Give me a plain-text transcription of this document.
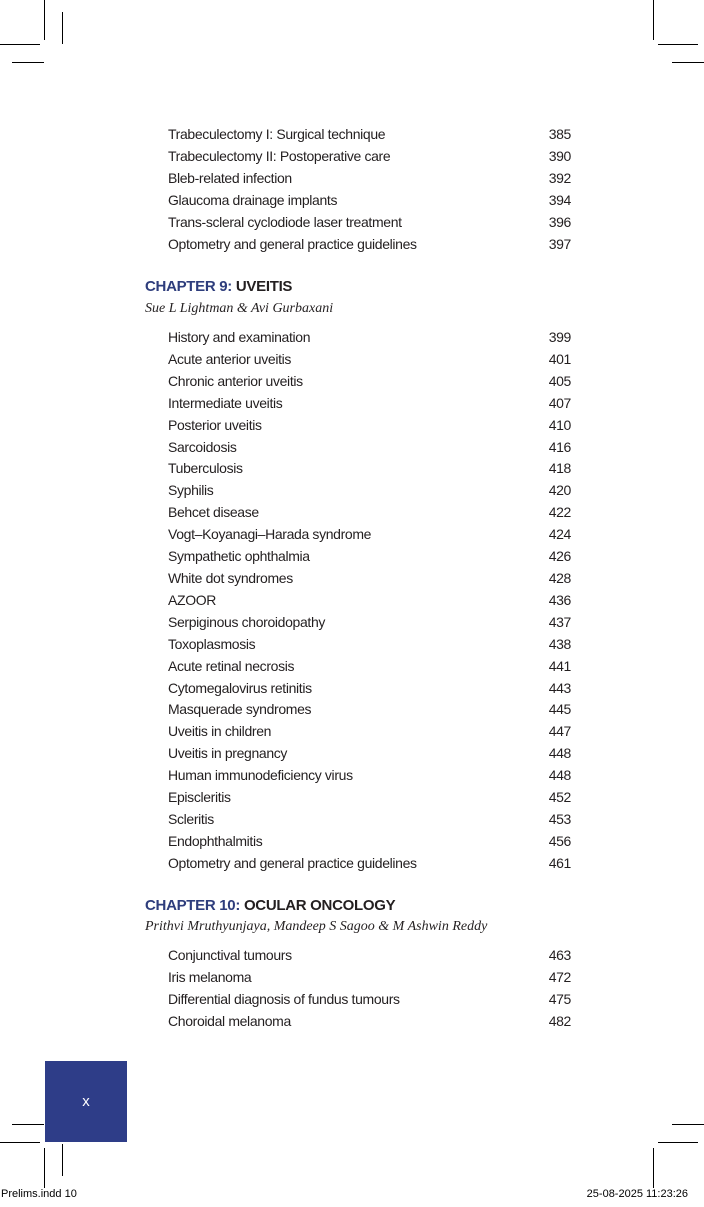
Trabeculectomy I: Surgical technique	385
Trabeculectomy II: Postoperative care	390
Bleb-related infection	392
Glaucoma drainage implants	394
Trans-scleral cyclodiode laser treatment	396
Optometry and general practice guidelines	397
CHAPTER 9: UVEITIS
Sue L Lightman & Avi Gurbaxani
History and examination	399
Acute anterior uveitis	401
Chronic anterior uveitis	405
Intermediate uveitis	407
Posterior uveitis	410
Sarcoidosis	416
Tuberculosis	418
Syphilis	420
Behcet disease	422
Vogt–Koyanagi–Harada syndrome	424
Sympathetic ophthalmia	426
White dot syndromes	428
AZOOR	436
Serpiginous choroidopathy	437
Toxoplasmosis	438
Acute retinal necrosis	441
Cytomegalovirus retinitis	443
Masquerade syndromes	445
Uveitis in children	447
Uveitis in pregnancy	448
Human immunodeficiency virus	448
Episcleritis	452
Scleritis	453
Endophthalmitis	456
Optometry and general practice guidelines	461
CHAPTER 10: OCULAR ONCOLOGY
Prithvi Mruthyunjaya, Mandeep S Sagoo & M Ashwin Reddy
Conjunctival tumours	463
Iris melanoma	472
Differential diagnosis of fundus tumours	475
Choroidal melanoma	482
x
Prelims.indd 10	25-08-2025 11:23:26
